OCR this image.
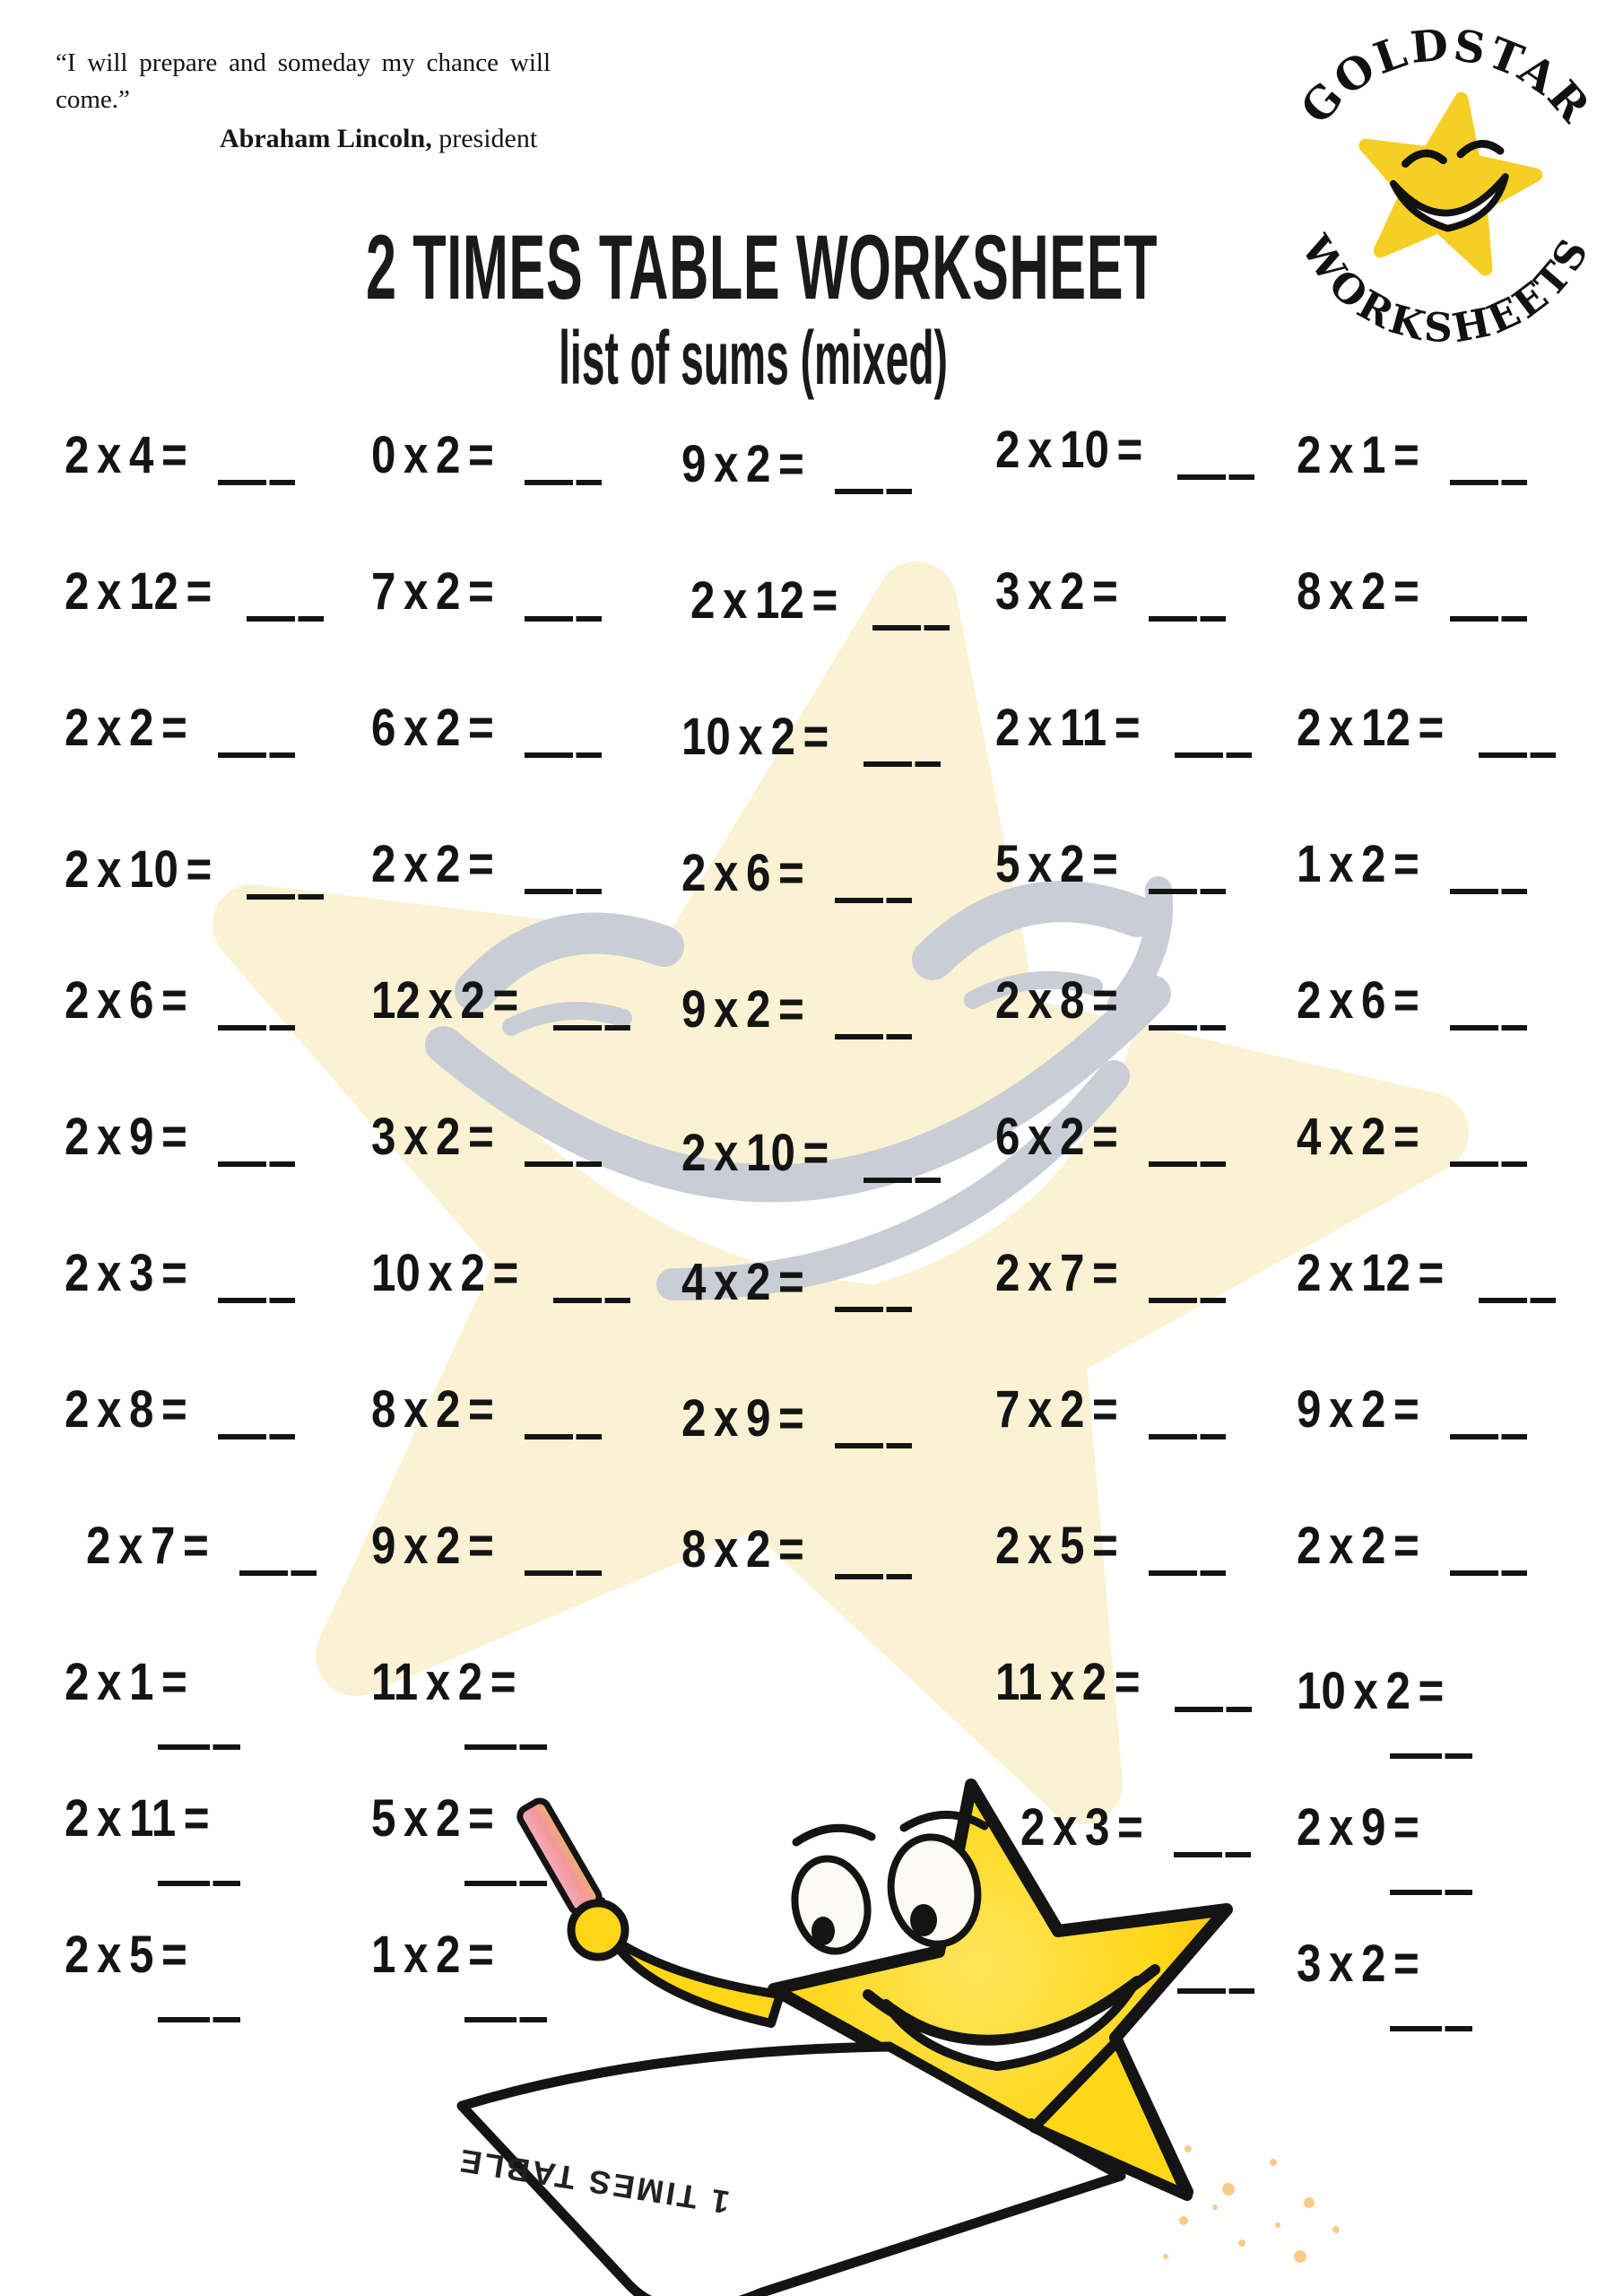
“I will prepare and someday my chance will come.”
Abraham Lincoln, president
GOLDSTAR
WORKSHEETS
2 TIMES TABLE WORKSHEET
list of sums (mixed)
2 x 4 =	0 x 2 =	9 x 2 =	2 x 10 =	2 x 1 =
2 x 12 =	7 x 2 =	2 x 12 =	3 x 2 =	8 x 2 =
2 x 2 =	6 x 2 =	10 x 2 =	2 x 11 =	2 x 12 =
2 x 10 =	2 x 2 =	2 x 6 =	5 x 2 =	1 x 2 =
2 x 6 =	12 x 2 =	9 x 2 =	2 x 8 =	2 x 6 =
2 x 9 =	3 x 2 =	2 x 10 =	6 x 2 =	4 x 2 =
2 x 3 =	10 x 2 =	4 x 2 =	2 x 7 =	2 x 12 =
2 x 8 =	8 x 2 =	2 x 9 =	7 x 2 =	9 x 2 =
2 x 7 =	9 x 2 =	8 x 2 =	2 x 5 =	2 x 2 =
2 x 1 =	11 x 2 =	11 x 2 =	10 x 2 =
2 x 11 =	5 x 2 =	2 x 3 =	2 x 9 =
2 x 5 =	1 x 2 =	3 x 2 =
1 TIMES TABLE
